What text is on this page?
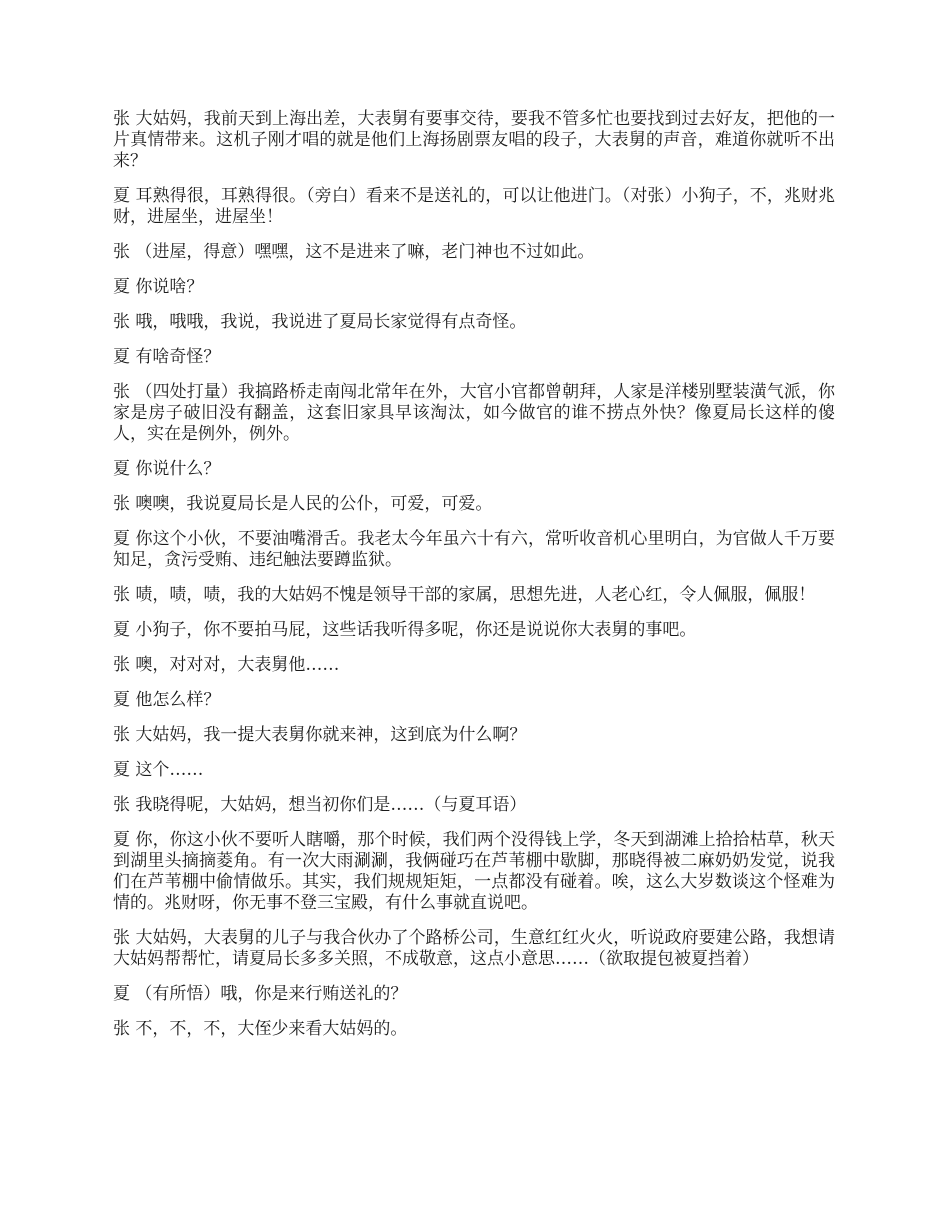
张 大姑妈，我前天到上海出差，大表舅有要事交待，要我不管多忙也要找到过去好友，把他的一片真情带来。这机子刚才唱的就是他们上海扬剧票友唱的段子，大表舅的声音，难道你就听不出来？

夏 耳熟得很，耳熟得很。（旁白）看来不是送礼的，可以让他进门。（对张）小狗子，不，兆财兆财，进屋坐，进屋坐！

张 （进屋，得意）嘿嘿，这不是进来了嘛，老门神也不过如此。

夏 你说啥？

张 哦，哦哦，我说，我说进了夏局长家觉得有点奇怪。

夏 有啥奇怪？

张 （四处打量）我搞路桥走南闯北常年在外，大官小官都曾朝拜，人家是洋楼别墅装潢气派，你家是房子破旧没有翻盖，这套旧家具早该淘汰，如今做官的谁不捞点外快？像夏局长这样的傻人，实在是例外，例外。

夏 你说什么？

张 噢噢，我说夏局长是人民的公仆，可爱，可爱。

夏 你这个小伙，不要油嘴滑舌。我老太今年虽六十有六，常听收音机心里明白，为官做人千万要知足，贪污受贿、违纪触法要蹲监狱。

张 啧，啧，啧，我的大姑妈不愧是领导干部的家属，思想先进，人老心红，令人佩服，佩服！

夏 小狗子，你不要拍马屁，这些话我听得多呢，你还是说说你大表舅的事吧。

张 噢，对对对，大表舅他……

夏 他怎么样？

张 大姑妈，我一提大表舅你就来神，这到底为什么啊？

夏 这个……

张 我晓得呢，大姑妈，想当初你们是……（与夏耳语）

夏 你，你这小伙不要听人瞎嚼，那个时候，我们两个没得钱上学，冬天到湖滩上拾拾枯草，秋天到湖里头摘摘菱角。有一次大雨涮涮，我俩碰巧在芦苇棚中歇脚，那晓得被二麻奶奶发觉，说我们在芦苇棚中偷情做乐。其实，我们规规矩矩，一点都没有碰着。唉，这么大岁数谈这个怪难为情的。兆财呀，你无事不登三宝殿，有什么事就直说吧。

张 大姑妈，大表舅的儿子与我合伙办了个路桥公司，生意红红火火，听说政府要建公路，我想请大姑妈帮帮忙，请夏局长多多关照，不成敬意，这点小意思……（欲取提包被夏挡着）

夏 （有所悟）哦，你是来行贿送礼的？

张 不，不，不，大侄少来看大姑妈的。
